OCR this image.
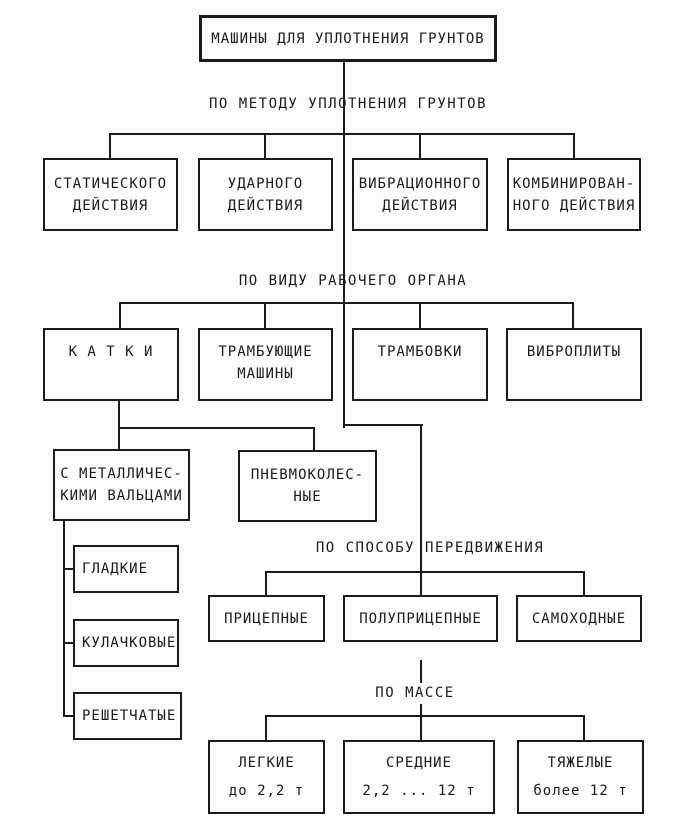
ПО МЕТОДУ УПЛОТНЕНИЯ ГРУНТОВ
ПО ВИДУ РАБОЧЕГО ОРГАНА
ПО СПОСОБУ ПЕРЕДВИЖЕНИЯ
ПО МАССЕ
МАШИНЫ ДЛЯ УПЛОТНЕНИЯ ГРУНТОВ
СТАТИЧЕСКОГО
ДЕЙСТВИЯ
УДАРНОГО
ДЕЙСТВИЯ
ВИБРАЦИОННОГО
ДЕЙСТВИЯ
КОМБИНИРОВАН-
НОГО ДЕЙСТВИЯ
К А Т К И	ТРАМБУЮЩИЕ
МАШИНЫ
ТРАМБОВКИ	ВИБРОПЛИТЫ
С МЕТАЛЛИЧЕС-
КИМИ ВАЛЬЦАМИ
ПНЕВМОКОЛЕС-
НЫЕ
ГЛАДКИЕ
КУЛАЧКОВЫЕ
РЕШЕТЧАТЫЕ
ПРИЦЕПНЫЕ	ПОЛУПРИЦЕПНЫЕ	САМОХОДНЫЕ
ЛЕГКИЕ
до 2,2 т
СРЕДНИЕ
2,2 ... 12 т
ТЯЖЕЛЫЕ
более 12 т
